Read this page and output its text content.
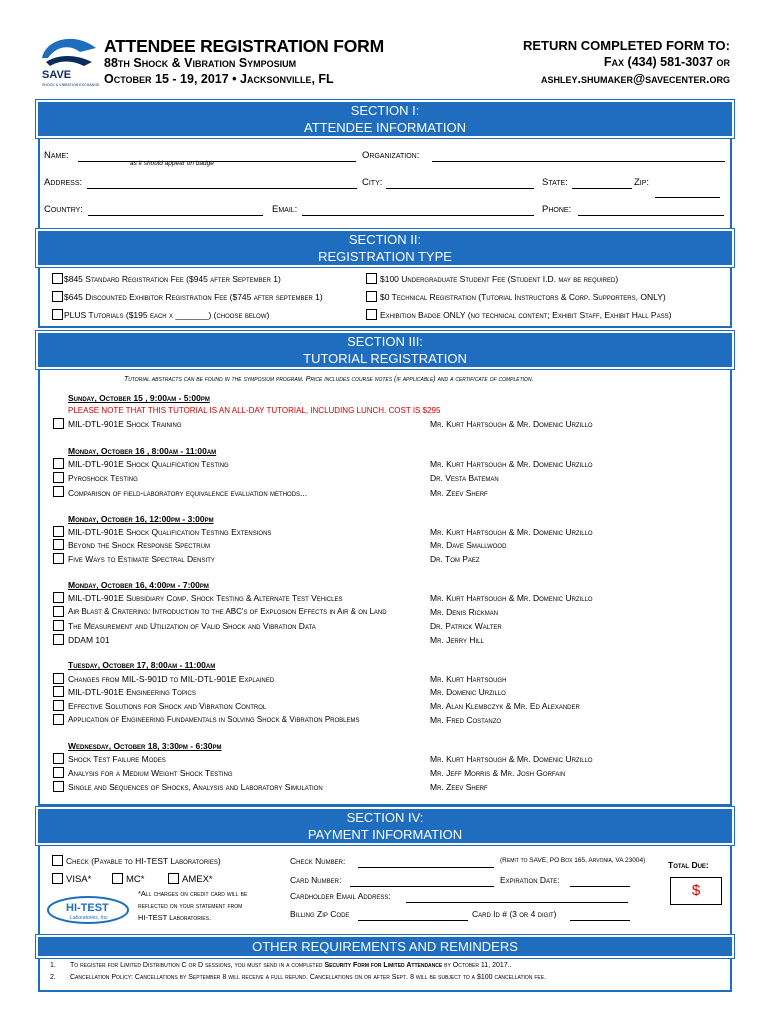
SAVE
SHOCK & VIBRATION EXCHANGE
ATTENDEE REGISTRATION FORM
88th Shock & Vibration Symposium
October 15 - 19, 2017 • Jacksonville, FL
RETURN COMPLETED FORM TO:
Fax (434) 581-3037 or
ashley.shumaker@savecenter.org
SECTION I:
ATTENDEE INFORMATION
Name:
as it should appear on badge
Organization:
Address:	City:	State:	Zip:
Country:	Email:	Phone:
SECTION II:
REGISTRATION TYPE
$845 Standard Registration Fee ($945 after September 1)	$100 Undergraduate Student Fee (Student I.D. may be required)
$645 Discounted Exhibitor Registration Fee ($745 after september 1)	$0 Technical Registration (Tutorial Instructors & Corp. Supporters, ONLY)
PLUS Tutorials ($195 each x _______) (choose below)	Exhibition Badge ONLY (no technical content; Exhibit Staff, Exhibit Hall Pass)
SECTION III:
TUTORIAL REGISTRATION
Tutorial abstracts can be found in the symposium program. Price includes course notes (if applicable) and a certificate of completion.
Sunday, October 15 , 9:00am - 5:00pm
PLEASE NOTE THAT THIS TUTORIAL IS AN ALL-DAY TUTORIAL, INCLUDING LUNCH. COST IS $295
MIL-DTL-901E Shock Training	Mr. Kurt Hartsough & Mr. Domenic Urzillo
Monday, October 16 , 8:00am - 11:00am
MIL-DTL-901E Shock Qualification Testing	Mr. Kurt Hartsough & Mr. Domenic Urzillo
Pyroshock Testing	Dr. Vesta Bateman
Comparison of field-laboratory equivalence evaluation methods...	Mr. Zeev Sherf
Monday, October 16, 12:00pm - 3:00pm
MIL-DTL-901E Shock Qualification Testing Extensions	Mr. Kurt Hartsough & Mr. Domenic Urzillo
Beyond the Shock Response Spectrum	Mr. Dave Smallwood
Five Ways to Estimate Spectral Density	Dr. Tom Paez
Monday, October 16, 4:00pm - 7:00pm
MIL-DTL-901E Subsidiary Comp. Shock Testing & Alternate Test Vehicles	Mr. Kurt Hartsough & Mr. Domenic Urzillo
Air Blast & Cratering: Introduction to the ABC's of Explosion Effects in Air & on Land	Mr. Denis Rickman
The Measurement and Utilization of Valid Shock and Vibration Data	Dr. Patrick Walter
DDAM 101	Mr. Jerry Hill
Tuesday, October 17, 8:00am - 11:00am
Changes from MIL-S-901D to MIL-DTL-901E Explained	Mr. Kurt Hartsough
MIL-DTL-901E Engineering Topics	Mr. Domenic Urzillo
Effective Solutions for Shock and Vibration Control	Mr. Alan Klembczyk & Mr. Ed Alexander
Application of Engineering Fundamentals in Solving Shock & Vibration Problems	Mr. Fred Costanzo
Wednesday, October 18, 3:30pm - 6:30pm
Shock Test Failure Modes	Mr. Kurt Hartsough & Mr. Domenic Urzillo
Analysis for a Medium Weight Shock Testing	Mr. Jeff Morris & Mr. Josh Gorfain
Single and Sequences of Shocks, Analysis and Laboratory Simulation	Mr. Zeev Sherf
SECTION IV:
PAYMENT INFORMATION
Check (Payable to HI-TEST Laboratories)
VISA*	MC*	AMEX*
*All charges on credit card will be
reflected on your statement from
HI-TEST Laboratories.
HI-TEST
Laboratories, Inc.
Check Number:	(Remit to SAVE, PO Box 165, Arvonia, VA 23004)	Total Due:
Card Number:	Expiration Date:
$
Cardholder Email Address:
Billing Zip Code	Card Id # (3 or 4 digit)
OTHER REQUIREMENTS AND REMINDERS
1. To register for Limited Distribution C or D sessions, you must send in a completed Security Form for Limited Attendance by October 11, 2017..
2. Cancellation Policy: Cancellations by September 8 will receive a full refund. Cancellations on or after Sept. 8 will be subject to a $100 cancellation fee.
